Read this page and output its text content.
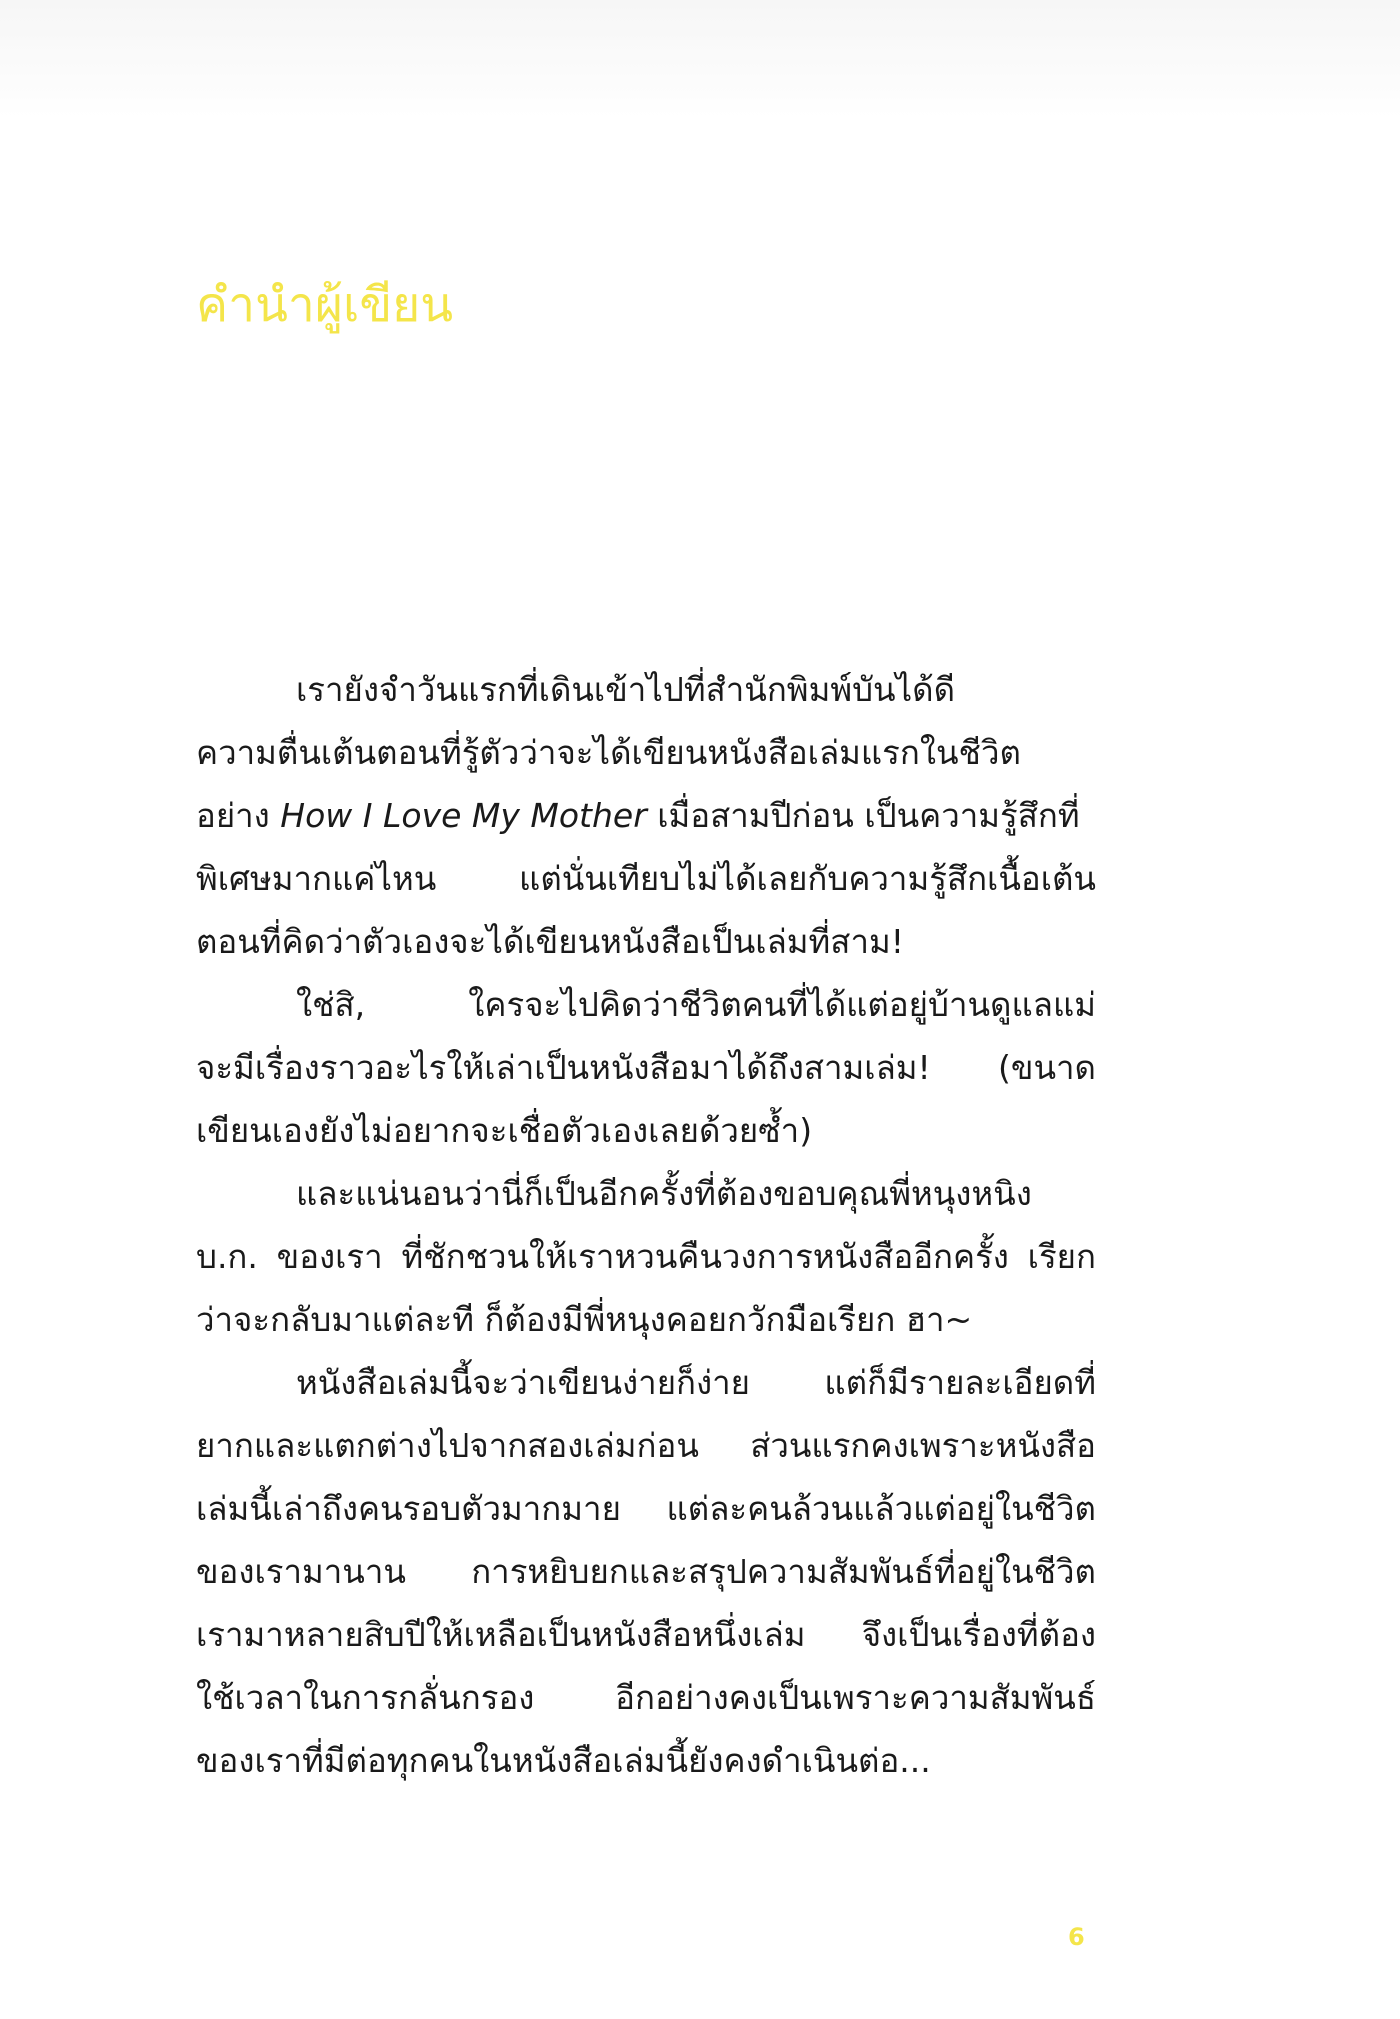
คำนำผู้เขียน
เรายังจำวันแรกที่เดินเข้าไปที่สำนักพิมพ์บันได้ดี
ความตื่นเต้นตอนที่รู้ตัวว่าจะได้เขียนหนังสือเล่มแรกในชีวิต
อย่าง How I Love My Mother เมื่อสามปีก่อน เป็นความรู้สึกที่
พิเศษมากแค่ไหน แต่นั่นเทียบไม่ได้เลยกับความรู้สึกเนื้อเต้น
ตอนที่คิดว่าตัวเองจะได้เขียนหนังสือเป็นเล่มที่สาม!
ใช่สิ, ใครจะไปคิดว่าชีวิตคนที่ได้แต่อยู่บ้านดูแลแม่
จะมีเรื่องราวอะไรให้เล่าเป็นหนังสือมาได้ถึงสามเล่ม! (ขนาด
เขียนเองยังไม่อยากจะเชื่อตัวเองเลยด้วยซ้ำ)
และแน่นอนว่านี่ก็เป็นอีกครั้งที่ต้องขอบคุณพี่หนุงหนิง
บ.ก. ของเรา ที่ชักชวนให้เราหวนคืนวงการหนังสืออีกครั้ง เรียก
ว่าจะกลับมาแต่ละที ก็ต้องมีพี่หนุงคอยกวักมือเรียก ฮา~
หนังสือเล่มนี้จะว่าเขียนง่ายก็ง่าย แต่ก็มีรายละเอียดที่
ยากและแตกต่างไปจากสองเล่มก่อน ส่วนแรกคงเพราะหนังสือ
เล่มนี้เล่าถึงคนรอบตัวมากมาย แต่ละคนล้วนแล้วแต่อยู่ในชีวิต
ของเรามานาน การหยิบยกและสรุปความสัมพันธ์ที่อยู่ในชีวิต
เรามาหลายสิบปีให้เหลือเป็นหนังสือหนึ่งเล่ม จึงเป็นเรื่องที่ต้อง
ใช้เวลาในการกลั่นกรอง อีกอย่างคงเป็นเพราะความสัมพันธ์
ของเราที่มีต่อทุกคนในหนังสือเล่มนี้ยังคงดำเนินต่อ...
6
